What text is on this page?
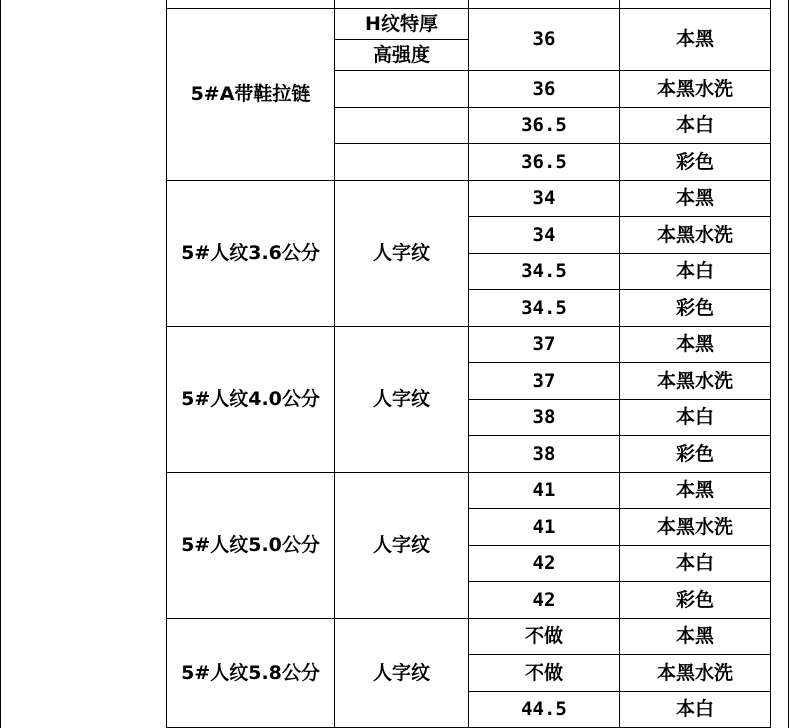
5#A带鞋拉链	H纹特厚	36	本黑
	高强度		
		36	本黑水洗
		36.5	本白
		36.5	彩色

5#人纹3.6公分	人字纹	34	本黑
		34	本黑水洗
		34.5	本白
		34.5	彩色
5#人纹4.0公分	人字纹	37	本黑
		37	本黑水洗
		38	本白
		38	彩色
5#人纹5.0公分	人字纹	41	本黑
		41	本黑水洗
		42	本白
		42	彩色
5#人纹5.8公分	人字纹	不做	本黑
		不做	本黑水洗
		44.5	本白
